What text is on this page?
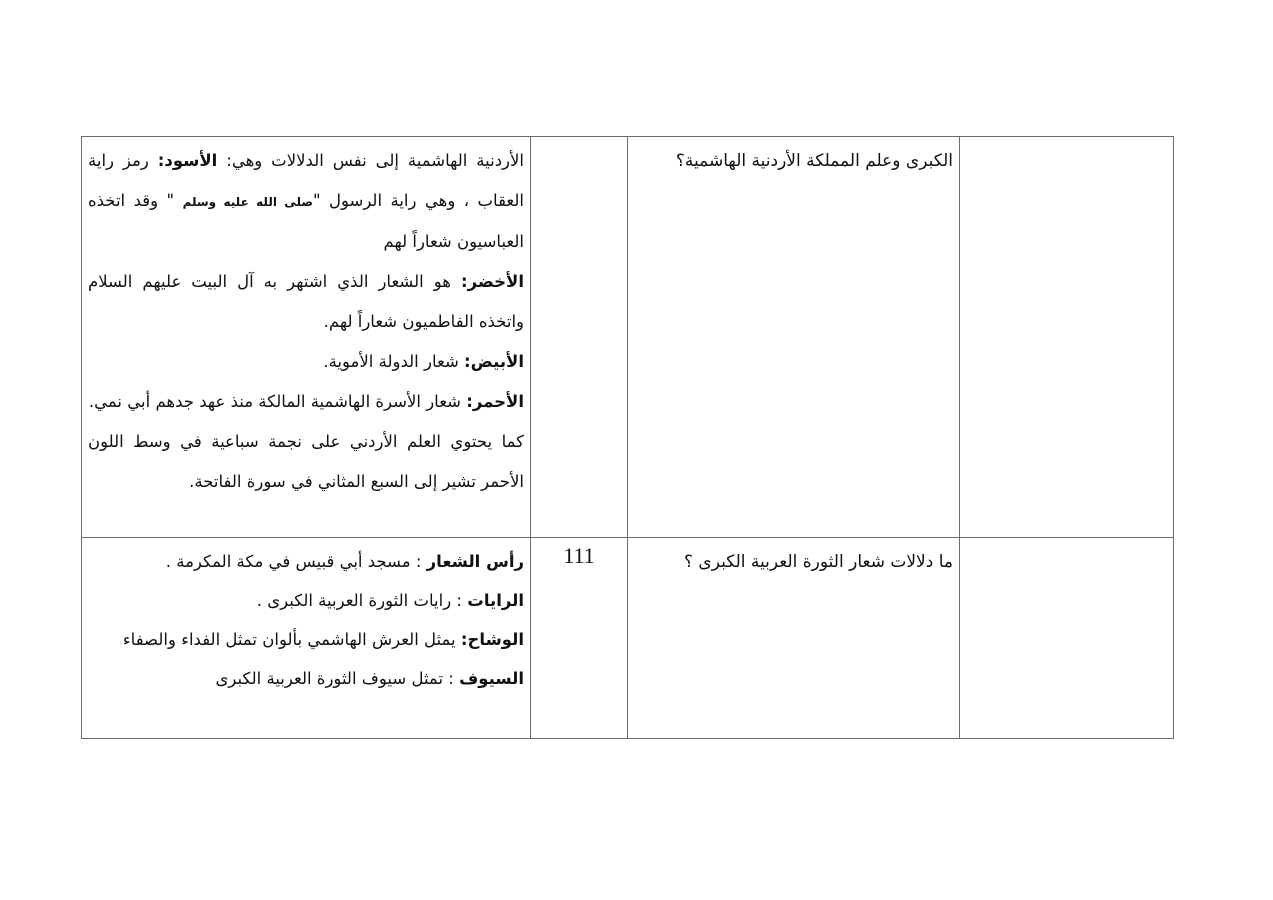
	الكبرى وعلم المملكة الأردنية الهاشمية؟		الأردنية الهاشمية إلى نفس الدلالات وهي: الأسود: رمز راية العقاب ، وهي راية الرسول "صلى الله عليه وسلم " وقد اتخذه العباسيون شعاراً لهم

الأخضر: هو الشعار الذي اشتهر به آل البيت عليهم السلام واتخذه الفاطميون شعاراً لهم.

الأبيض: شعار الدولة الأموية.

الأحمر: شعار الأسرة الهاشمية المالكة منذ عهد جدهم أبي نمي.

كما يحتوي العلم الأردني على نجمة سباعية في وسط اللون الأحمر تشير إلى السبع المثاني في سورة الفاتحة.

	ما دلالات شعار الثورة العربية الكبرى ؟	111	رأس الشعار : مسجد أبي قبيس في مكة المكرمة .

الرايات : رايات الثورة العربية الكبرى .

الوشاح: يمثل العرش الهاشمي بألوان تمثل الفداء والصفاء

السيوف : تمثل سيوف الثورة العربية الكبرى
